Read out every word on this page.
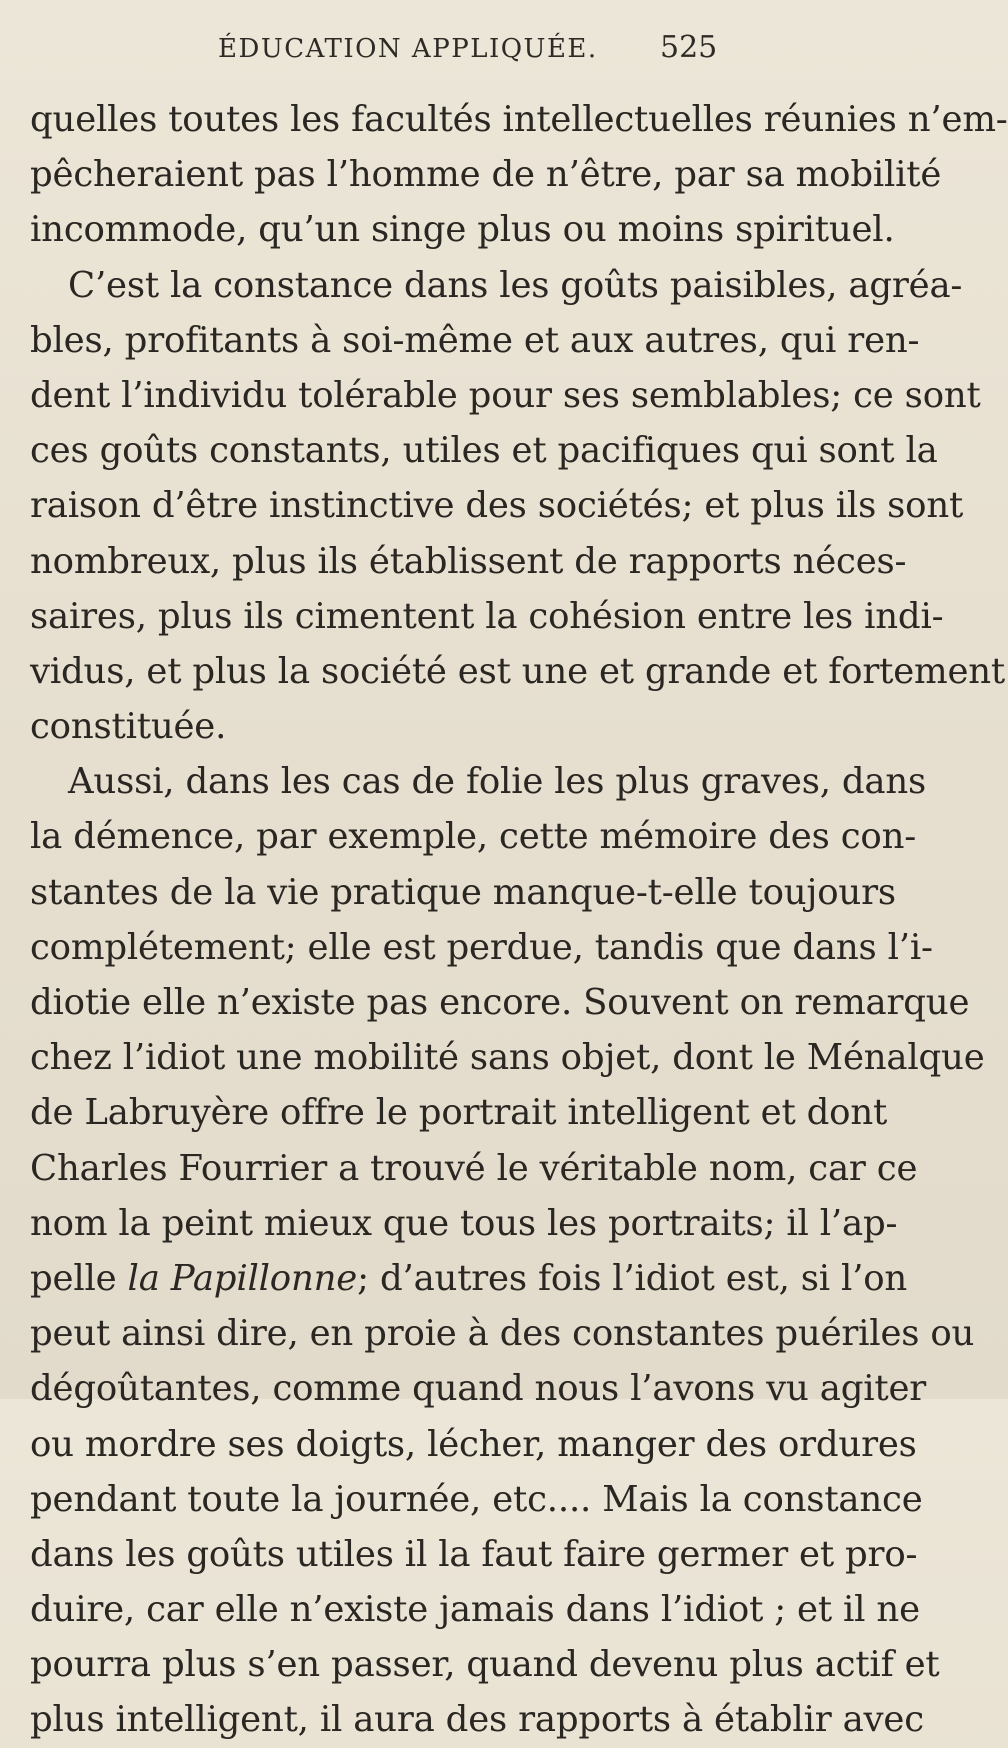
ÉDUCATION APPLIQUÉE. 525
quelles toutes les facultés intellectuelles réunies n’em-
pêcheraient pas l’homme de n’être, par sa mobilité
incommode, qu’un singe plus ou moins spirituel.
C’est la constance dans les goûts paisibles, agréa-
bles, profitants à soi-même et aux autres, qui ren-
dent l’individu tolérable pour ses semblables; ce sont
ces goûts constants, utiles et pacifiques qui sont la
raison d’être instinctive des sociétés; et plus ils sont
nombreux, plus ils établissent de rapports néces-
saires, plus ils cimentent la cohésion entre les indi-
vidus, et plus la société est une et grande et fortement
constituée.
Aussi, dans les cas de folie les plus graves, dans
la démence, par exemple, cette mémoire des con-
stantes de la vie pratique manque-t-elle toujours
complétement; elle est perdue, tandis que dans l’i-
diotie elle n’existe pas encore. Souvent on remarque
chez l’idiot une mobilité sans objet, dont le Ménalque
de Labruyère offre le portrait intelligent et dont
Charles Fourrier a trouvé le véritable nom, car ce
nom la peint mieux que tous les portraits; il l’ap-
pelle la Papillonne; d’autres fois l’idiot est, si l’on
peut ainsi dire, en proie à des constantes puériles ou
dégoûtantes, comme quand nous l’avons vu agiter
ou mordre ses doigts, lécher, manger des ordures
pendant toute la journée, etc.... Mais la constance
dans les goûts utiles il la faut faire germer et pro-
duire, car elle n’existe jamais dans l’idiot ; et il ne
pourra plus s’en passer, quand devenu plus actif et
plus intelligent, il aura des rapports à établir avec
